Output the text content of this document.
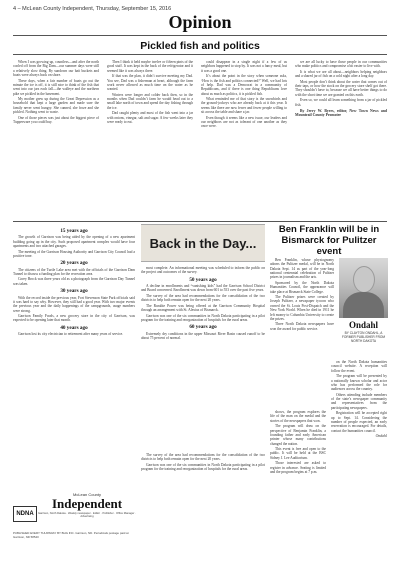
4 – McLean County Independent, Thursday, September 15, 2016
Opinion
Pickled fish and politics

When I was growing up, countless—and after the north cooled off from the Big Dam—our summer days were still a relatively slow thing. By sundown our bait buckets and boats were always back on shore.

These days, when a fair number of boats go out the minute the ice is off, it is still nice to think of the fish that went into our jars each fall—the walleye and the northern pike we pickled in the basement.

My mother grew up during the Great Depression as a household that kept a large garden and made sure the family never went hungry. She canned, she froze and she pickled. Nothing went to waste.

One of those pieces was just about the biggest piece of Tupperware you could buy.

Then I think it held maybe twelve or fifteen pints of the good stuff. It was kept in the back of the refrigerator and it seemed like it was always there.

If that was the plan, it didn’t survive meeting my Dad. You see, Dad was a fisherman at heart, although the farm work never allowed as much time on the water as he wanted.

Winters were longer and colder back then, so in the months when Dad couldn’t farm he would head out to a small lake north of town and spend the day fishing through the ice.

Dad caught plenty and most of the fish went into a jar with onions, vinegar, salt and sugar. A few weeks later they were ready to eat.

could disappear in a single night if a few of us neighbors happened to stop by. It was not a fancy meal, but it was a good one.

It’s about the point in the story when someone asks, ‘How is the fish and politics connected?’ Well, we had lots of help. Dad was a Democrat in a community of Republicans, and if there is one thing Republicans love about as much as politics, it is pickled fish.

What reminded me of that story is the snowbirds and the ground-jockeys who are already back at it this year. It seems like there are now fewer and fewer people willing to sit across the table and share a jar.

Even though it seems like a new issue, our leaders and our neighbors are not as tolerant of one another as they once were.

we are all lucky to have those people in our communities who make politics and compromise a bit easier to live with.

It is what we are all about—neighbors helping neighbors and a shared jar of fish on a cold night after a long day.

Most people don’t think about the water that comes out of their taps, or how the stock on the grocery store shelf got there. They shouldn’t have to, because we all have better things to do with the short time we are granted on this earth.

Even so, we could all learn something from a jar of pickled fish.

By Jerry W. Byers, editor, New Town News and Mountrail County Promoter

15 years ago

The growth of Garrison was being aided by the opening of a new apartment building going up in the city. Such proposed apartment complex would have four apartments and two attached garages.

The meeting of the Garrison Housing Authority and Garrison City Council had a positive tone.

20 years ago

The citizens of the Turtle Lake area met with the officials of the Garrison Dam Tunnel to discuss a funding plan for the recreation area.

Corey Brock was three years old as a photograph from the Garrison Day Tunnel was taken.

30 years ago

With the record inside the previous year, Fort Stevenson State Park officials said it was hard to say why. However, they still had a good year. With two major events the previous year and the daily happenings of the campgrounds, usage numbers were strong.

Garrison Family Foods, a new grocery store in the city of Garrison, was expected to be opening later that month.

40 years ago

Garrison lost its city electrician to retirement after many years of service.

Back in the Day...

most complete. An informational meeting was scheduled to inform the public on the project and outcomes of the survey.

50 years ago

A decline in enrollments and “vanishing kids” had the Garrison School District and Board concerned. Enrollment was down from 601 to 553 over the past five years.

The survey of the area had recommendations for the consolidation of the two districts to help both remain open for the next 20 years.

The Ruralite Power was being offered at the Garrison Community Hospital through an arrangement with St. Alexius of Bismarck.

Garrison was one of the six communities in North Dakota participating in a pilot program for the training and reorganization of hospitals for the rural areas.

60 years ago

Extremely dry conditions in the upper Missouri River Basin caused runoff to be about 75 percent of normal.

Ben Franklin will be in Bismarck for Pulitzer event

Ben Franklin, whose physiognomy adorns the Pulitzer medal, will be in North Dakota Sept. 14 as part of the year-long national centennial celebration of Pulitzer prizes in journalism and the arts.

Sponsored by the North Dakota Humanities Council, the appearance will take place at Bismarck State College.

The Pulitzer prizes were created by Joseph Pulitzer, a newspaper tycoon who owned the St. Louis Post-Dispatch and the New York World. When he died in 1911 he left money to Columbia University to create the prizes.

Three North Dakota newspapers have won the award for public service.	Ondahl
BY CLAYTON ONDAHL, A FORMER PUBLISHER FROM NORTH DAKOTA

shows, the program explores the life of the man on the medal and the stories of the newspapers that won.

The program will draw on the perspective of Benjamin Franklin, a founding father and early American printer whose many contributions changed the nation.

This event is free and open to the public. It will be held at the BSC Sidney J. Lee Auditorium.

Those interested are asked to register in advance. Seating is limited and the program begins at 7 p.m.

on the North Dakota humanities council website. A reception will follow the event.

The program will be presented by a nationally known scholar and actor who has performed the role for audiences across the country.

Others attending include members of the state’s newspaper community and representatives from the participating newspapers.

Registration will be accepted right up to Sept. 14. Considering the number of people expected, an early reservation is encouraged. For details, contact the humanities council.

Ondahl

The survey of the area had recommendations for the consolidation of the two districts to help both remain open for the next 20 years.

Garrison was one of the six communities in North Dakota participating in a pilot program for the training and reorganization of hospitals for the rural areas.

NDNA
McLean County
Independent
Garrison, North Dakota · Weekly newspaper · Editor · Publisher · Office Manager · Advertising
PUBLISHED EVERY THURSDAY BY BHG INC. Garrison, ND. Periodicals postage paid at Garrison, ND 58540
